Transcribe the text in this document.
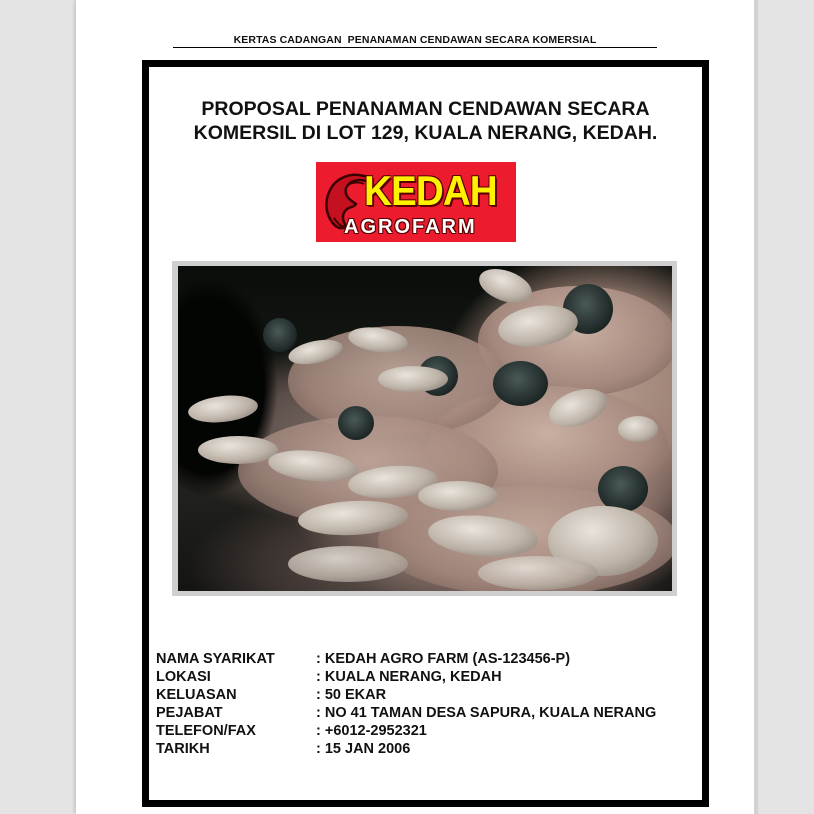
KERTAS CADANGAN  PENANAMAN CENDAWAN SECARA KOMERSIAL
PROPOSAL PENANAMAN CENDAWAN SECARA
KOMERSIL DI LOT 129, KUALA NERANG, KEDAH.
KEDAH
AGROFARM
NAMA SYARIKAT	: KEDAH AGRO FARM (AS-123456-P)
LOKASI	: KUALA NERANG, KEDAH
KELUASAN	: 50 EKAR
PEJABAT	: NO 41 TAMAN DESA SAPURA, KUALA NERANG
TELEFON/FAX	: +6012-2952321
TARIKH	: 15 JAN 2006
